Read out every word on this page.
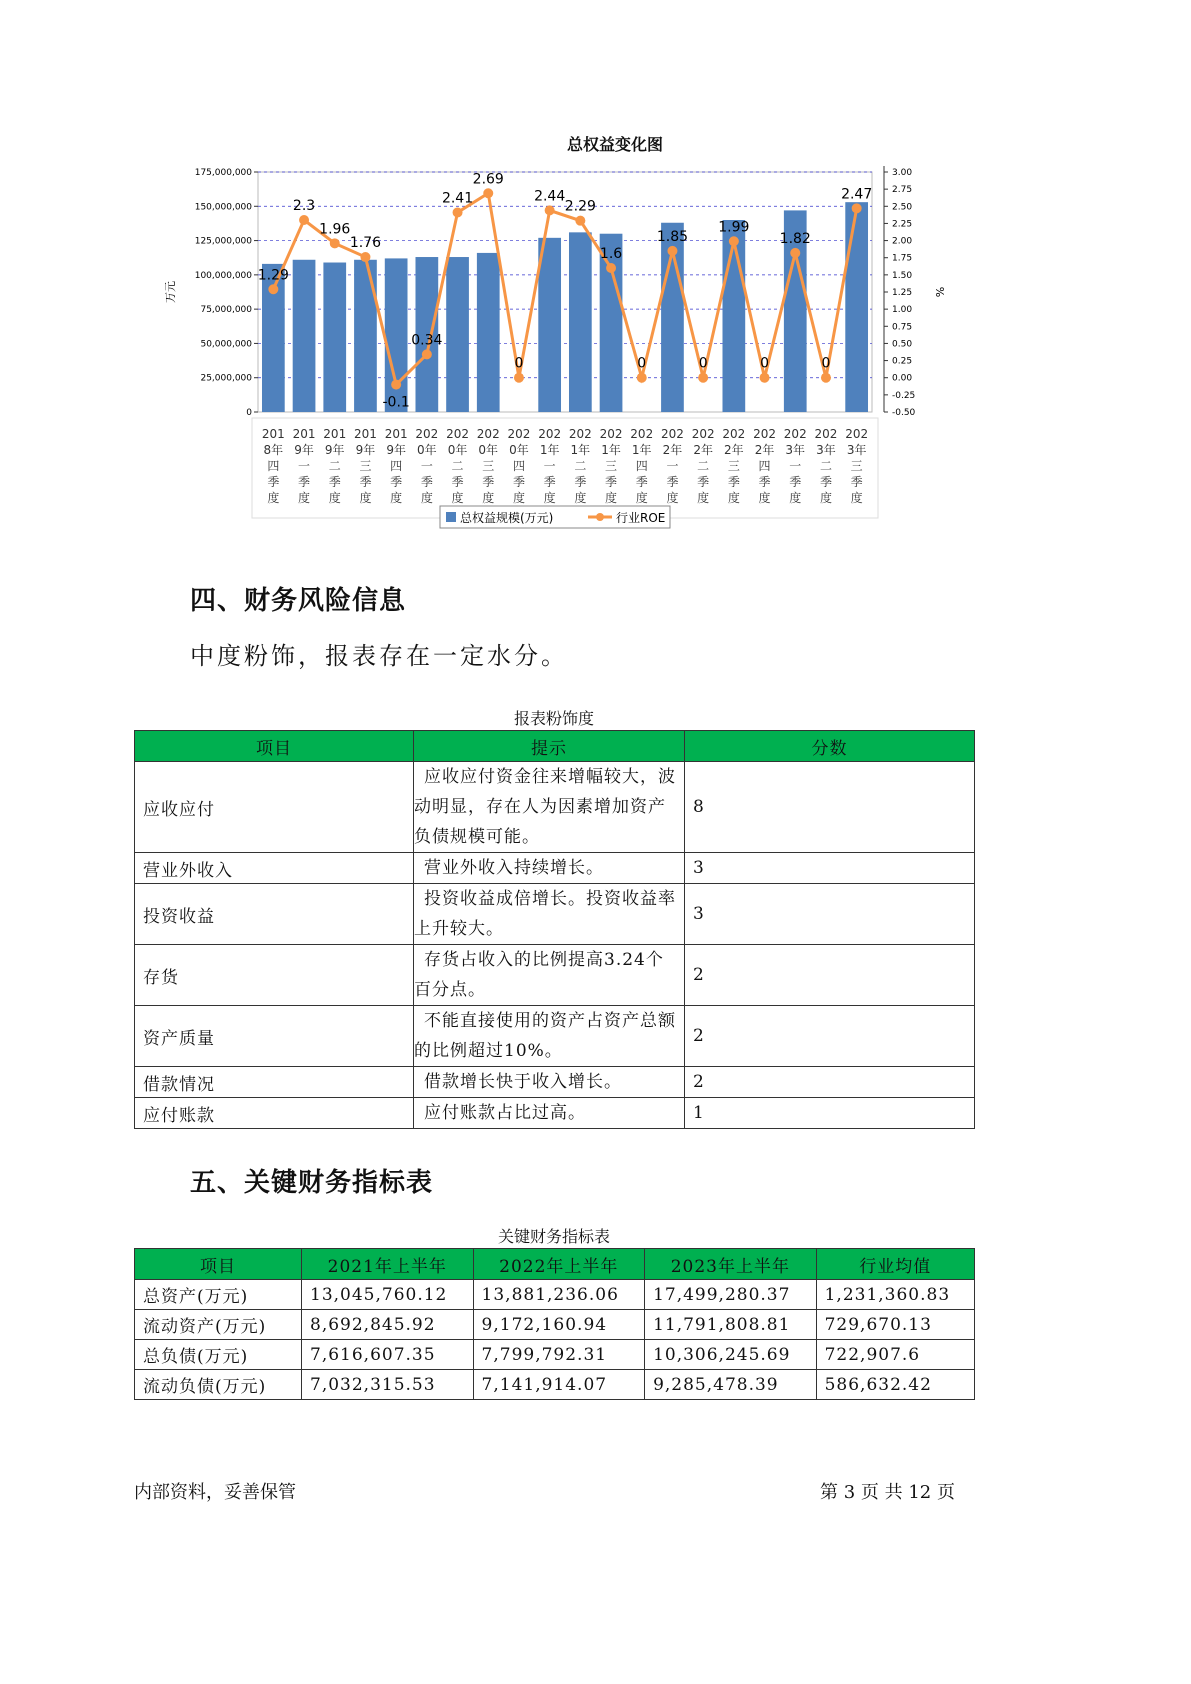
总权益变化图
0
25,000,000
50,000,000
75,000,000
100,000,000
125,000,000
150,000,000
175,000,000
-0.50
-0.25
0.00
0.25
0.50
0.75
1.00
1.25
1.50
1.75
2.00
2.25
2.50
2.75
3.00
万元	%
1.29
2.3
1.96
1.76
-0.1
0.34
2.41
2.69
0
2.44
2.29
1.6
0
1.85
0
1.99
0
1.82
0
2.47
201
8年
四
季
度
201
9年
一
季
度
201
9年
二
季
度
201
9年
三
季
度
201
9年
四
季
度
202
0年
一
季
度
202
0年
二
季
度
202
0年
三
季
度
202
0年
四
季
度
202
1年
一
季
度
202
1年
二
季
度
202
1年
三
季
度
202
1年
四
季
度
202
2年
一
季
度
202
2年
二
季
度
202
2年
三
季
度
202
2年
四
季
度
202
3年
一
季
度
202
3年
二
季
度
202
3年
三
季
度
总权益规模(万元)	行业ROE
四、财务风险信息
中度粉饰，报表存在一定水分。
报表粉饰度
项目	提示	分数
应收应付	应收应付资金往来增幅较大，波动明显，存在人为因素增加资产负债规模可能。	8
营业外收入	营业外收入持续增长。	3
投资收益	投资收益成倍增长。投资收益率上升较大。	3
存货	存货占收入的比例提高3.24个百分点。	2
资产质量	不能直接使用的资产占资产总额的比例超过10%。	2
借款情况	借款增长快于收入增长。	2
应付账款	应付账款占比过高。	1
五、关键财务指标表
关键财务指标表
项目	2021年上半年	2022年上半年	2023年上半年	行业均值
总资产(万元)	13,045,760.12	13,881,236.06	17,499,280.37	1,231,360.83
流动资产(万元)	8,692,845.92	9,172,160.94	11,791,808.81	729,670.13
总负债(万元)	7,616,607.35	7,799,792.31	10,306,245.69	722,907.6
流动负债(万元)	7,032,315.53	7,141,914.07	9,285,478.39	586,632.42
内部资料，妥善保管	第 3 页 共 12 页
